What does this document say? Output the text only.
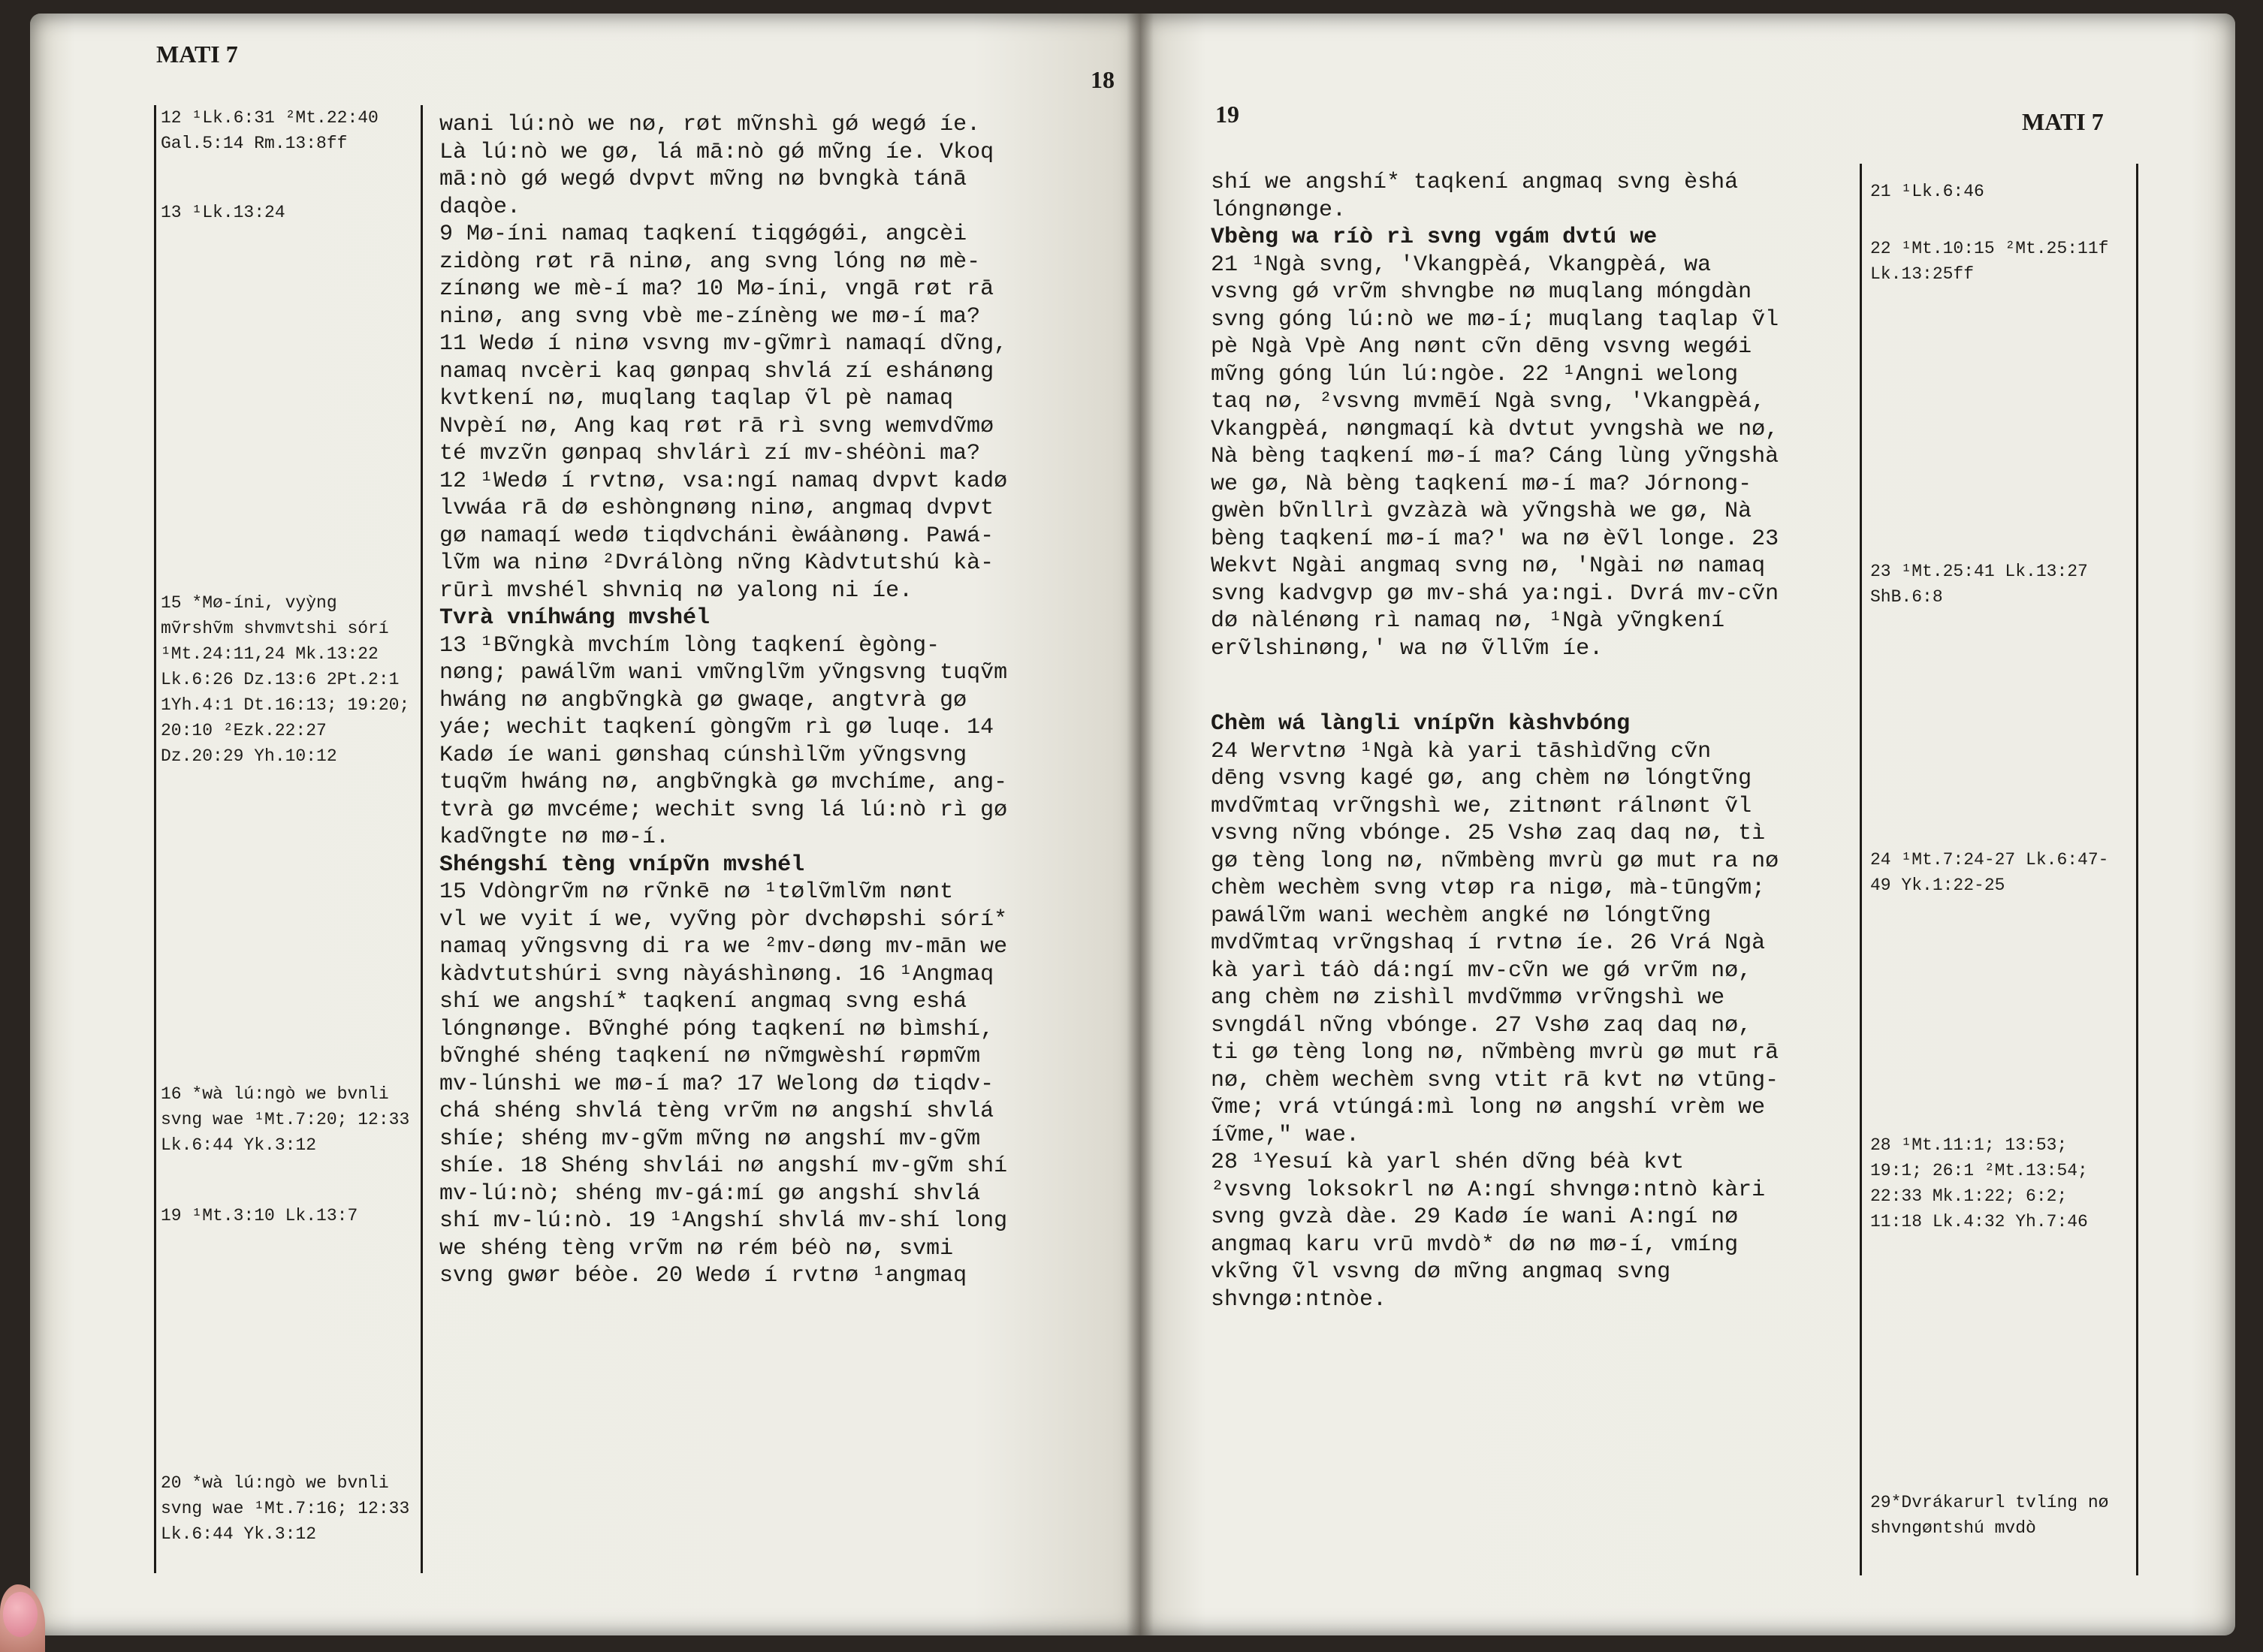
MATI 7
18
12 ¹Lk.6:31 ²Mt.22:40 Gal.5:14 Rm.13:8ff
13 ¹Lk.13:24
15 *Mø-íni, vyỳng mṽrshṽm shvmvtshi sórí ¹Mt.24:11,24 Mk.13:22 Lk.6:26 Dz.13:6 2Pt.2:1 1Yh.4:1 Dt.16:13; 19:20; 20:10 ²Ezk.22:27 Dz.20:29 Yh.10:12
16 *wà lú:ngò we bvnli svng wae ¹Mt.7:20; 12:33 Lk.6:44 Yk.3:12
19 ¹Mt.3:10 Lk.13:7
20 *wà lú:ngò we bvnli svng wae ¹Mt.7:16; 12:33 Lk.6:44 Yk.3:12

wani lú:nò we nø, røt mṽnshì gǿ wegǿ íe.
Là lú:nò we gø, lá mā:nò gǿ mṽng íe. Vkoq
mā:nò gǿ wegǿ dvpvt mṽng nø bvngkà tánā
daqòe.

9 Mø-íni namaq taqkení tiqgǿgǿi, angcèi
zidòng røt rā ninø, ang svng lóng nø mè-
zínøng we mè-í ma? 10 Mø-íni, vngā røt rā
ninø, ang svng vbè me-zínèng we mø-í ma?
11 Wedø í ninø vsvng mv-gṽmrì namaqí dṽng,
namaq nvcèri kaq gønpaq shvlá zí eshánøng
kvtkení nø, muqlang taqlap ṽl pè namaq
Nvpèí nø, Ang kaq røt rā rì svng wemvdṽmø
té mvzṽn gønpaq shvlárì zí mv-shéòni ma?
12 ¹Wedø í rvtnø, vsa:ngí namaq dvpvt kadø
lvwáa rā dø eshòngnøng ninø, angmaq dvpvt
gø namaqí wedø tiqdvcháni èwáànøng. Pawá-
lṽm wa ninø ²Dvrálòng nṽng Kàdvtutshú kà-
rūrì mvshél shvniq nø yalong ni íe.

Tvrà vníhwáng mvshél

13 ¹Bṽngkà mvchím lòng taqkení ègòng-
nøng; pawálṽm wani vmṽnglṽm yṽngsvng tuqṽm
hwáng nø angbṽngkà gø gwaqe, angtvrà gø
yáe; wechit taqkení gòngṽm rì gø luqe. 14
Kadø íe wani gønshaq cúnshìlṽm yṽngsvng
tuqṽm hwáng nø, angbṽngkà gø mvchíme, ang-
tvrà gø mvcéme; wechit svng lá lú:nò rì gø
kadṽngte nø mø-í.

Shéngshí tèng vnípṽn mvshél

15 Vdòngrṽm nø rṽnkē nø ¹tølṽmlṽm nønt
vl we vyit í we, vyṽng pòr dvchøpshi sórí*
namaq yṽngsvng di ra we ²mv-døng mv-mān we
kàdvtutshúri svng nàyáshìnøng. 16 ¹Angmaq
shí we angshí* taqkení angmaq svng eshá
lóngnønge. Bṽnghé póng taqkení nø bìmshí,
bṽnghé shéng taqkení nø nṽmgwèshí røpmṽm
mv-lúnshi we mø-í ma? 17 Welong dø tiqdv-
chá shéng shvlá tèng vrṽm nø angshí shvlá
shíe; shéng mv-gṽm mṽng nø angshí mv-gṽm
shíe. 18 Shéng shvlái nø angshí mv-gṽm shí
mv-lú:nò; shéng mv-gá:mí gø angshí shvlá
shí mv-lú:nò. 19 ¹Angshí shvlá mv-shí long
we shéng tèng vrṽm nø rém béò nø, svmi
svng gwør béòe. 20 Wedø í rvtnø ¹angmaq

19	MATI 7
21 ¹Lk.6:46
22 ¹Mt.10:15 ²Mt.25:11f Lk.13:25ff
23 ¹Mt.25:41 Lk.13:27 ShB.6:8
24 ¹Mt.7:24-27 Lk.6:47-49 Yk.1:22-25
28 ¹Mt.11:1; 13:53; 19:1; 26:1 ²Mt.13:54; 22:33 Mk.1:22; 6:2; 11:18 Lk.4:32 Yh.7:46
29*Dvrákarurl tvlíng nø shvngøntshú mvdò

shí we angshí* taqkení angmaq svng èshá
lóngnønge.

Vbèng wa ríò rì svng vgám dvtú we

21 ¹Ngà svng, 'Vkangpèá, Vkangpèá, wa
vsvng gǿ vrṽm shvngbe nø muqlang móngdàn
svng góng lú:nò we mø-í; muqlang taqlap ṽl
pè Ngà Vpè Ang nønt cṽn dēng vsvng wegǿi
mṽng góng lún lú:ngòe. 22 ¹Angni welong
taq nø, ²vsvng mvmēí Ngà svng, 'Vkangpèá,
Vkangpèá, nøngmaqí kà dvtut yvngshà we nø,
Nà bèng taqkení mø-í ma? Cáng lùng yṽngshà
we gø, Nà bèng taqkení mø-í ma? Jórnong-
gwèn bṽnllrì gvzàzà wà yṽngshà we gø, Nà
bèng taqkení mø-í ma?' wa nø èṽl longe. 23
Wekvt Ngài angmaq svng nø, 'Ngài nø namaq
svng kadvgvp gø mv-shá ya:ngi. Dvrá mv-cṽn
dø nàlénøng rì namaq nø, ¹Ngà yṽngkení
erṽlshinøng,' wa nø ṽllṽm íe.

Chèm wá làngli vnípṽn kàshvbóng

24 Wervtnø ¹Ngà kà yari tāshìdṽng cṽn
dēng vsvng kagé gø, ang chèm nø lóngtṽng
mvdṽmtaq vrṽngshì we, zitnønt rálnønt ṽl
vsvng nṽng vbónge. 25 Vshø zaq daq nø, tì
gø tèng long nø, nṽmbèng mvrù gø mut ra nø
chèm wechèm svng vtøp ra nigø, mà-tūngṽm;
pawálṽm wani wechèm angké nø lóngtṽng
mvdṽmtaq vrṽngshaq í rvtnø íe. 26 Vrá Ngà
kà yarì táò dá:ngí mv-cṽn we gǿ vrṽm nø,
ang chèm nø zishìl mvdṽmmø vrṽngshì we
svngdál nṽng vbónge. 27 Vshø zaq daq nø,
ti gø tèng long nø, nṽmbèng mvrù gø mut rā
nø, chèm wechèm svng vtit rā kvt nø vtūng-
ṽme; vrá vtúngá:mì long nø angshí vrèm we
íṽme," wae.

28 ¹Yesuí kà yarl shén dṽng béà kvt
²vsvng loksokrl nø A:ngí shvngø:ntnò kàri
svng gvzà dàe. 29 Kadø íe wani A:ngí nø
angmaq karu vrū mvdò* dø nø mø-í, vmíng
vkṽng ṽl vsvng dø mṽng angmaq svng
shvngø:ntnòe.
